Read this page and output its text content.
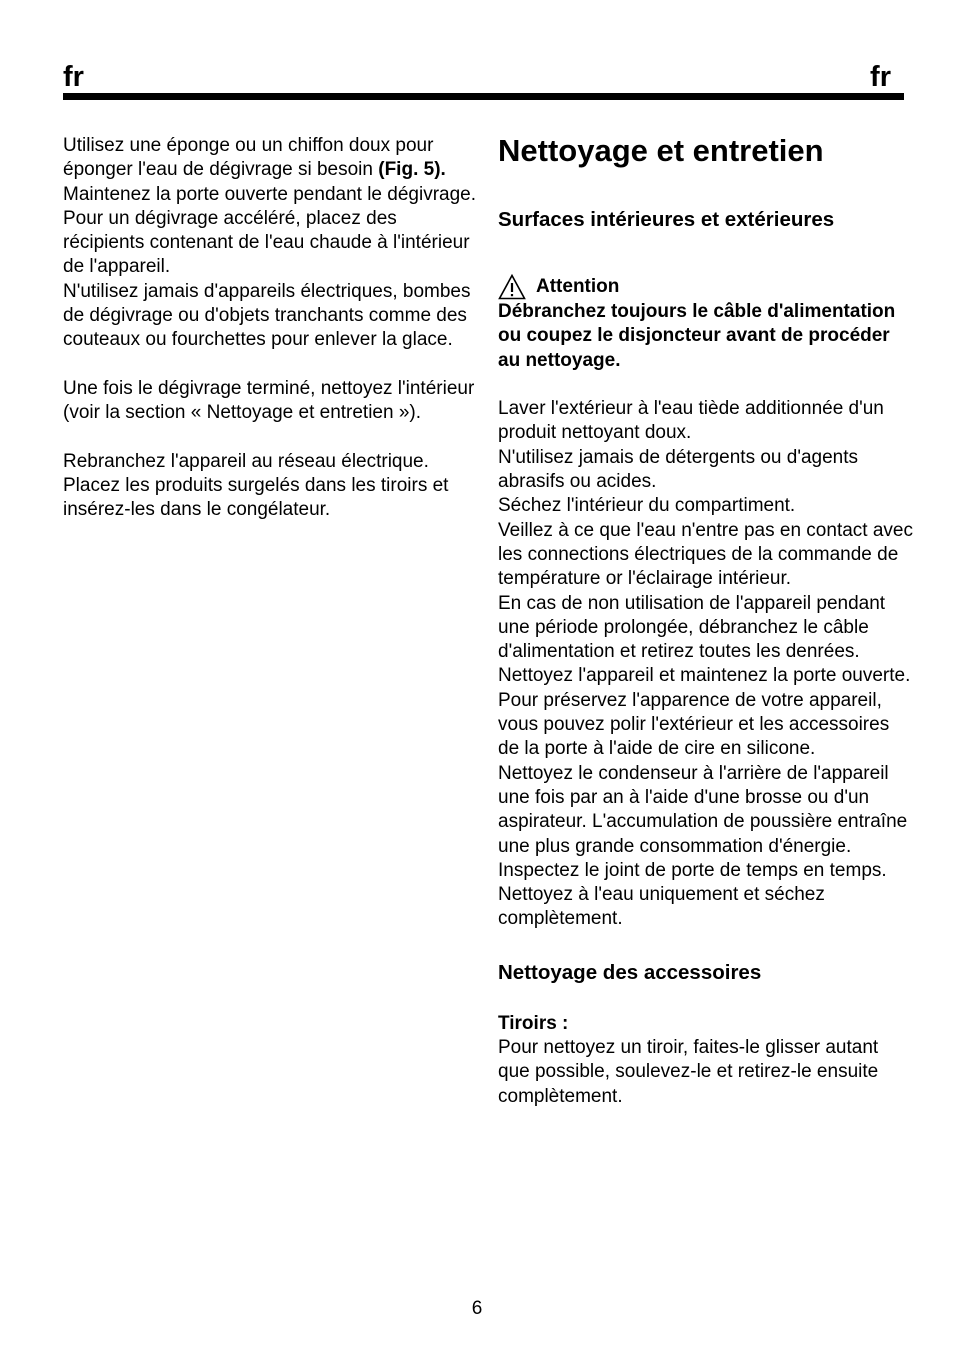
fr	fr

Utilisez une éponge ou un chiffon doux pour éponger l'eau de dégivrage si besoin (Fig. 5).

Maintenez la porte ouverte pendant le dégivrage.

Pour un dégivrage accéléré, placez des récipients contenant de l'eau chaude à l'intérieur de l'appareil.

N'utilisez jamais d'appareils électriques, bombes de dégivrage ou d'objets tranchants comme des couteaux ou fourchettes pour enlever la glace.

Une fois le dégivrage terminé, nettoyez l'intérieur (voir la section « Nettoyage et entretien »).

Rebranchez l'appareil au réseau électrique.

Placez les produits surgelés dans les tiroirs et insérez-les dans le congélateur.

Nettoyage et entretien
Surfaces intérieures et extérieures
Attention

Débranchez toujours le câble d'alimentation ou coupez le disjoncteur avant de procéder au nettoyage.

Laver l'extérieur à l'eau tiède additionnée d'un produit nettoyant doux.

N'utilisez jamais de détergents ou d'agents abrasifs ou acides.

Séchez l'intérieur du compartiment.

Veillez à ce que l'eau n'entre pas en contact avec les connections électriques de la commande de température or l'éclairage intérieur.

En cas de non utilisation de l'appareil pendant une période prolongée, débranchez le câble d'alimentation et retirez toutes les denrées.

Nettoyez l'appareil et maintenez la porte ouverte.

Pour préservez l'apparence de votre appareil, vous pouvez polir l'extérieur et les accessoires de la porte à l'aide de cire en silicone.

Nettoyez le condenseur à l'arrière de l'appareil une fois par an à l'aide d'une brosse ou d'un aspirateur. L'accumulation de poussière entraîne une plus grande consommation d'énergie.

Inspectez le joint de porte de temps en temps.

Nettoyez à l'eau uniquement et séchez complètement.

Nettoyage des accessoires

Tiroirs :

Pour nettoyez un tiroir, faites-le glisser autant que possible, soulevez-le et retirez-le ensuite complètement.

6
